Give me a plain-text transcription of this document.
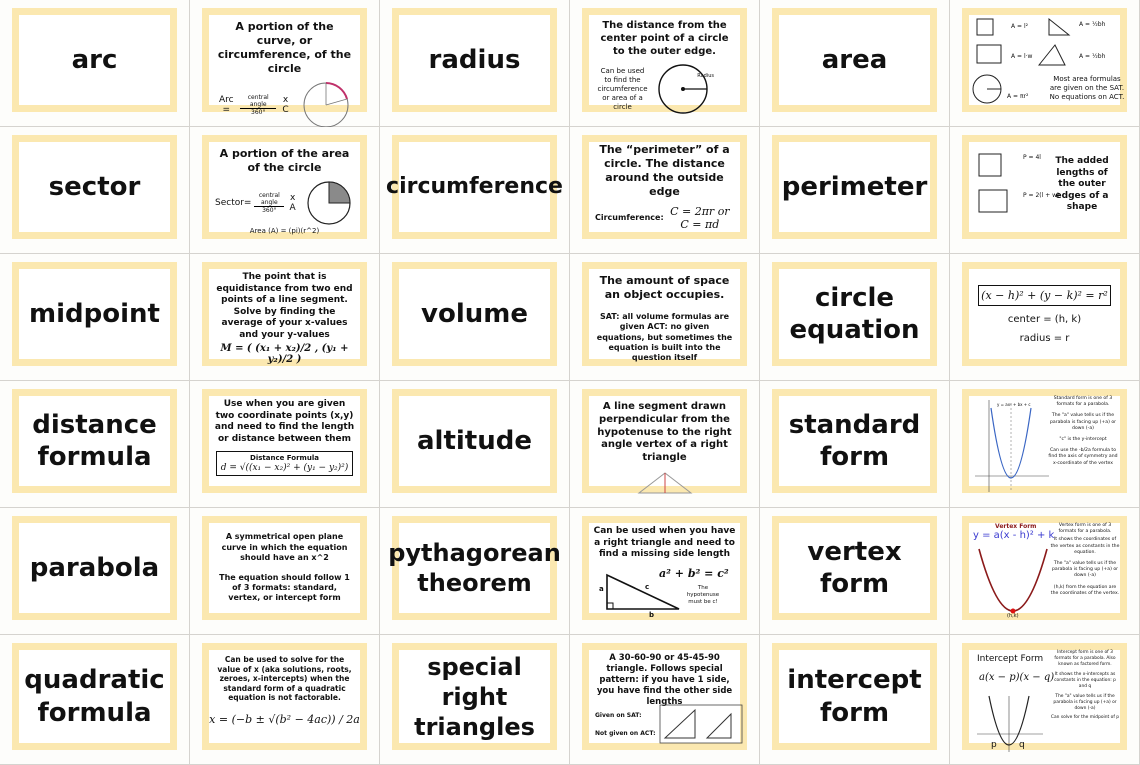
arc
A portion of the curve, or circumference, of the circle
Arc =
central angle
360°
x C
radius
The distance from the center point of a circle to the outer edge.
Can be used to find the circumference or area of a circle
Radius
area
A = l²	A = ½bh
A = l·w	A = ½bh
A = πr²
Most area formulas are given on the SAT. No equations on ACT.
sector
A portion of the area of the circle
Sector=
central angle
360°
x A
Area (A) = (pi)(r^2)
circumference
The “perimeter” of a circle. The distance around the outside edge
Circumference: C = 2πr or C = πd
perimeter
P = 4l
P = 2(l + w)
The added lengths of the outer edges of a shape
midpoint
The point that is equidistance from two end points of a line segment. Solve by finding the average of your x-values and your y-values
M = ( (x₁ + x₂)/2 , (y₁ + y₂)/2 )
volume
The amount of space an object occupies.
SAT: all volume formulas are given ACT: no given equations, but sometimes the equation is built into the question itself
circle
equation
(x − h)² + (y − k)² = r²
center = (h, k)
radius = r
distance
formula
Use when you are given two coordinate points (x,y) and need to find the length or distance between them
Distance Formula
d = √((x₁ − x₂)² + (y₁ − y₂)²)
altitude
A line segment drawn perpendicular from the hypotenuse to the right angle vertex of a right triangle
standard
form
y = ax² + bx + c
Standard form is one of 3 formats for a parabola.
The "a" value tells us if the parabola is facing up (+a) or down (-a)
"c" is the y-intercept
Can use the -b/2a formula to find the axis of symmetry and x-coordinate of the vertex
parabola
A symmetrical open plane curve in which the equation should have an x^2
The equation should follow 1 of 3 formats: standard, vertex, or intercept form
pythagorean
theorem
Can be used when you have a right triangle and need to find a missing side length
a² + b² = c²
The hypotenuse must be c!
a
b
c
vertex form
Vertex Form
y = a(x - h)² + k
(h,k)
Vertex form is one of 3 formats for a parabola.
It shows the coordinates of the vertex as constants in the equation.
The "a" value tells us if the parabola is facing up (+a) or down (-a)
(h,k) from the equation are the coordinates of the vertex.
quadratic
formula
Can be used to solve for the value of x (aka solutions, roots, zeroes, x-intercepts) when the standard form of a quadratic equation is not factorable.
x = (−b ± √(b² − 4ac)) / 2a
special right
triangles
A 30-60-90 or 45-45-90 triangle. Follows special pattern: if you have 1 side, you have find the other side lengths
Given on SAT:
Not given on ACT:
intercept
form
Intercept Form
a(x − p)(x − q)
p q
Intercept form is one of 3 formats for a parabola. Also known as factored form.
It shows the x-intercepts as constants in the equation: p and q
The "a" value tells us if the parabola is facing up (+a) or down (-a)
Can solve for the midpoint of p
